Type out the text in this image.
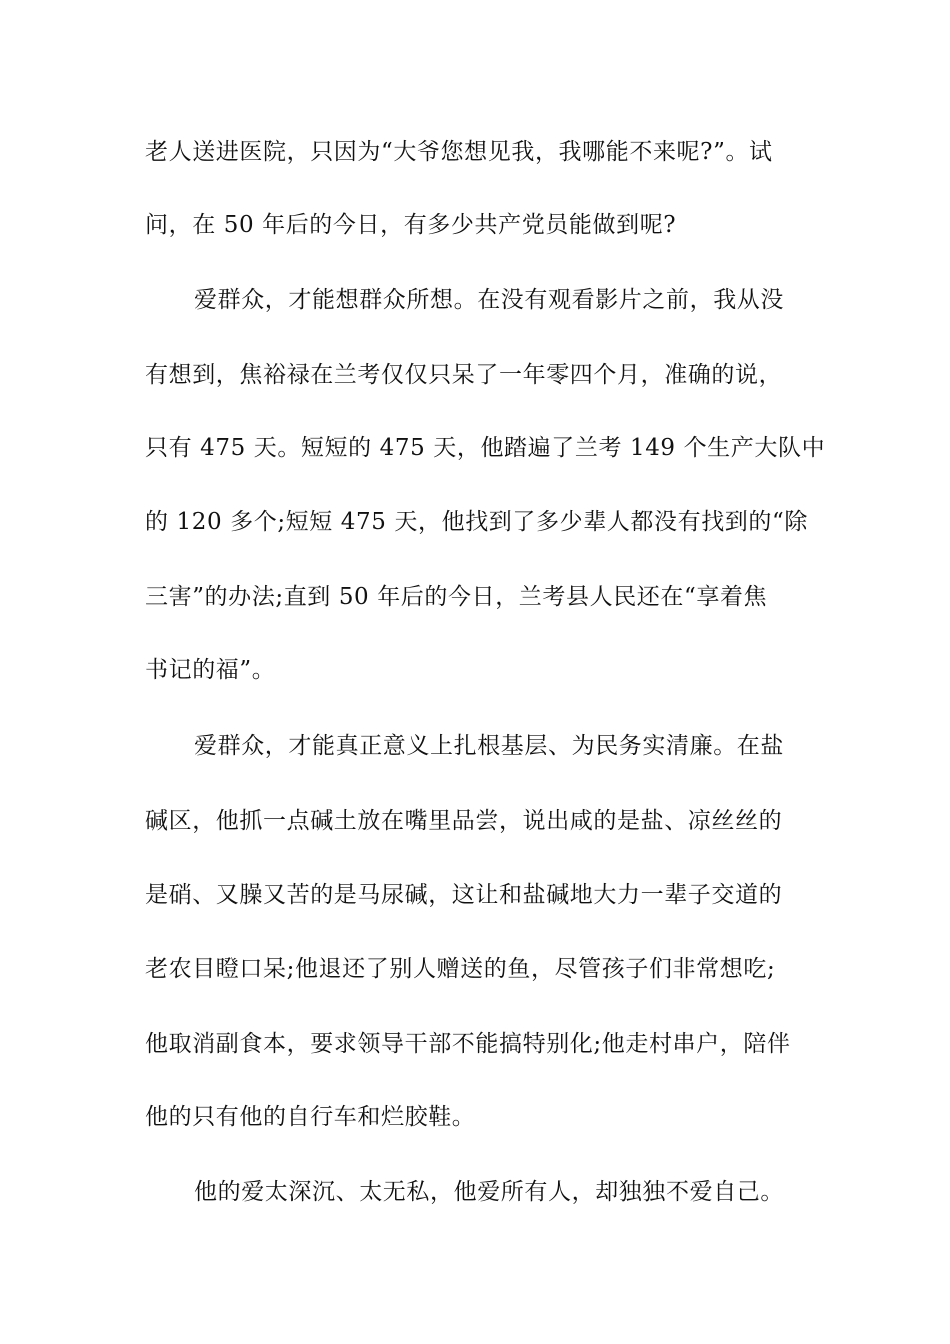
老人送进医院，只因为“大爷您想见我，我哪能不来呢?”。试
问，在 50 年后的今日，有多少共产党员能做到呢?
爱群众，才能想群众所想。在没有观看影片之前，我从没
有想到，焦裕禄在兰考仅仅只呆了一年零四个月，准确的说，
只有 475 天。短短的 475 天，他踏遍了兰考 149 个生产大队中
的 120 多个;短短 475 天，他找到了多少辈人都没有找到的“除
三害”的办法;直到 50 年后的今日，兰考县人民还在“享着焦
书记的福”。
爱群众，才能真正意义上扎根基层、为民务实清廉。在盐
碱区，他抓一点碱土放在嘴里品尝，说出咸的是盐、凉丝丝的
是硝、又臊又苦的是马尿碱，这让和盐碱地大力一辈子交道的
老农目瞪口呆;他退还了别人赠送的鱼，尽管孩子们非常想吃;
他取消副食本，要求领导干部不能搞特别化;他走村串户，陪伴
他的只有他的自行车和烂胶鞋。
他的爱太深沉、太无私，他爱所有人，却独独不爱自己。
